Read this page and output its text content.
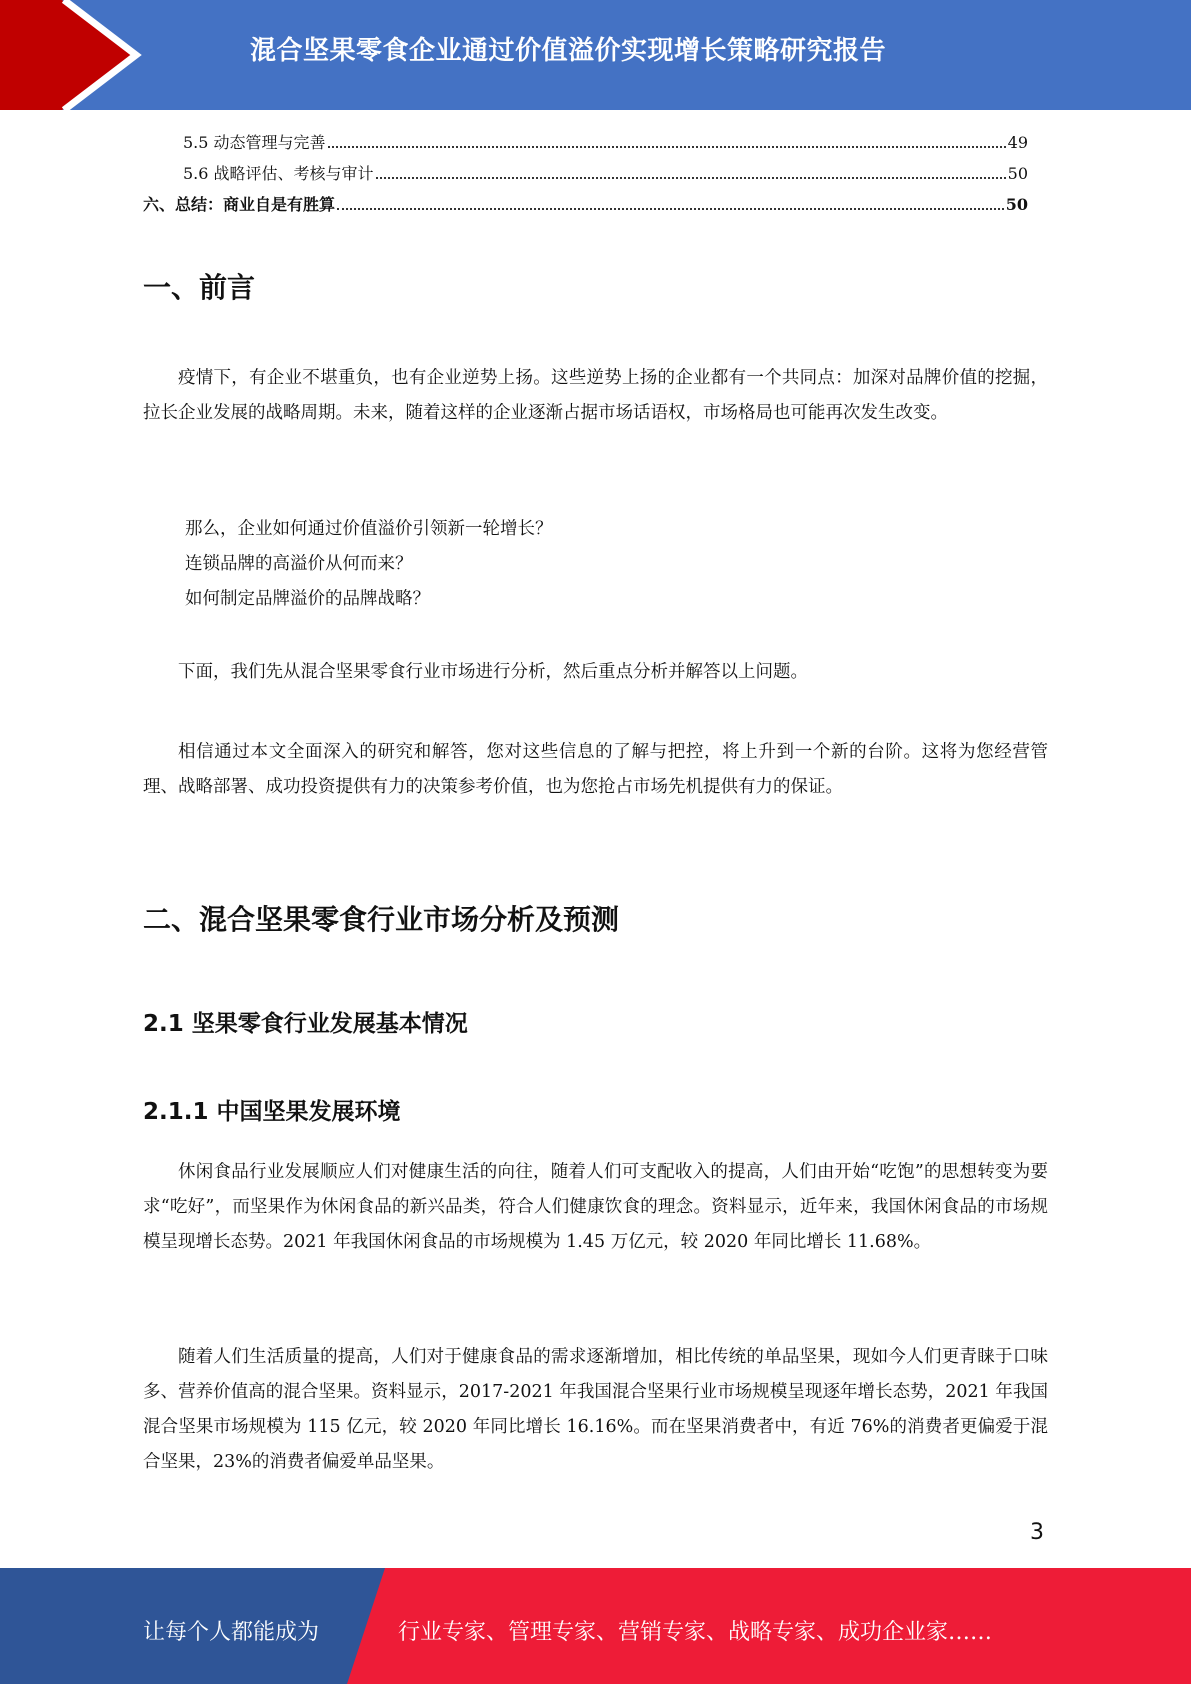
混合坚果零食企业通过价值溢价实现增长策略研究报告
5.5 动态管理与完善	49
5.6 战略评估、考核与审计	50
六、总结：商业自是有胜算	50
一、前言
疫情下，有企业不堪重负，也有企业逆势上扬。这些逆势上扬的企业都有一个共同点：加深对品牌价值的挖掘，拉长企业发展的战略周期。未来，随着这样的企业逐渐占据市场话语权，市场格局也可能再次发生改变。
那么，企业如何通过价值溢价引领新一轮增长？
连锁品牌的高溢价从何而来？
如何制定品牌溢价的品牌战略？
下面，我们先从混合坚果零食行业市场进行分析，然后重点分析并解答以上问题。
相信通过本文全面深入的研究和解答，您对这些信息的了解与把控，将上升到一个新的台阶。这将为您经营管理、战略部署、成功投资提供有力的决策参考价值，也为您抢占市场先机提供有力的保证。
二、混合坚果零食行业市场分析及预测
2.1 坚果零食行业发展基本情况
2.1.1 中国坚果发展环境
休闲食品行业发展顺应人们对健康生活的向往，随着人们可支配收入的提高，人们由开始“吃饱”的思想转变为要求“吃好”，而坚果作为休闲食品的新兴品类，符合人们健康饮食的理念。资料显示，近年来，我国休闲食品的市场规模呈现增长态势。2021 年我国休闲食品的市场规模为 1.45 万亿元，较 2020 年同比增长 11.68%。
随着人们生活质量的提高，人们对于健康食品的需求逐渐增加，相比传统的单品坚果，现如今人们更青睐于口味多、营养价值高的混合坚果。资料显示，2017-2021 年我国混合坚果行业市场规模呈现逐年增长态势，2021 年我国混合坚果市场规模为 115 亿元，较 2020 年同比增长 16.16%。而在坚果消费者中，有近 76%的消费者更偏爱于混合坚果，23%的消费者偏爱单品坚果。
3
让每个人都能成为	行业专家、管理专家、营销专家、战略专家、成功企业家……
